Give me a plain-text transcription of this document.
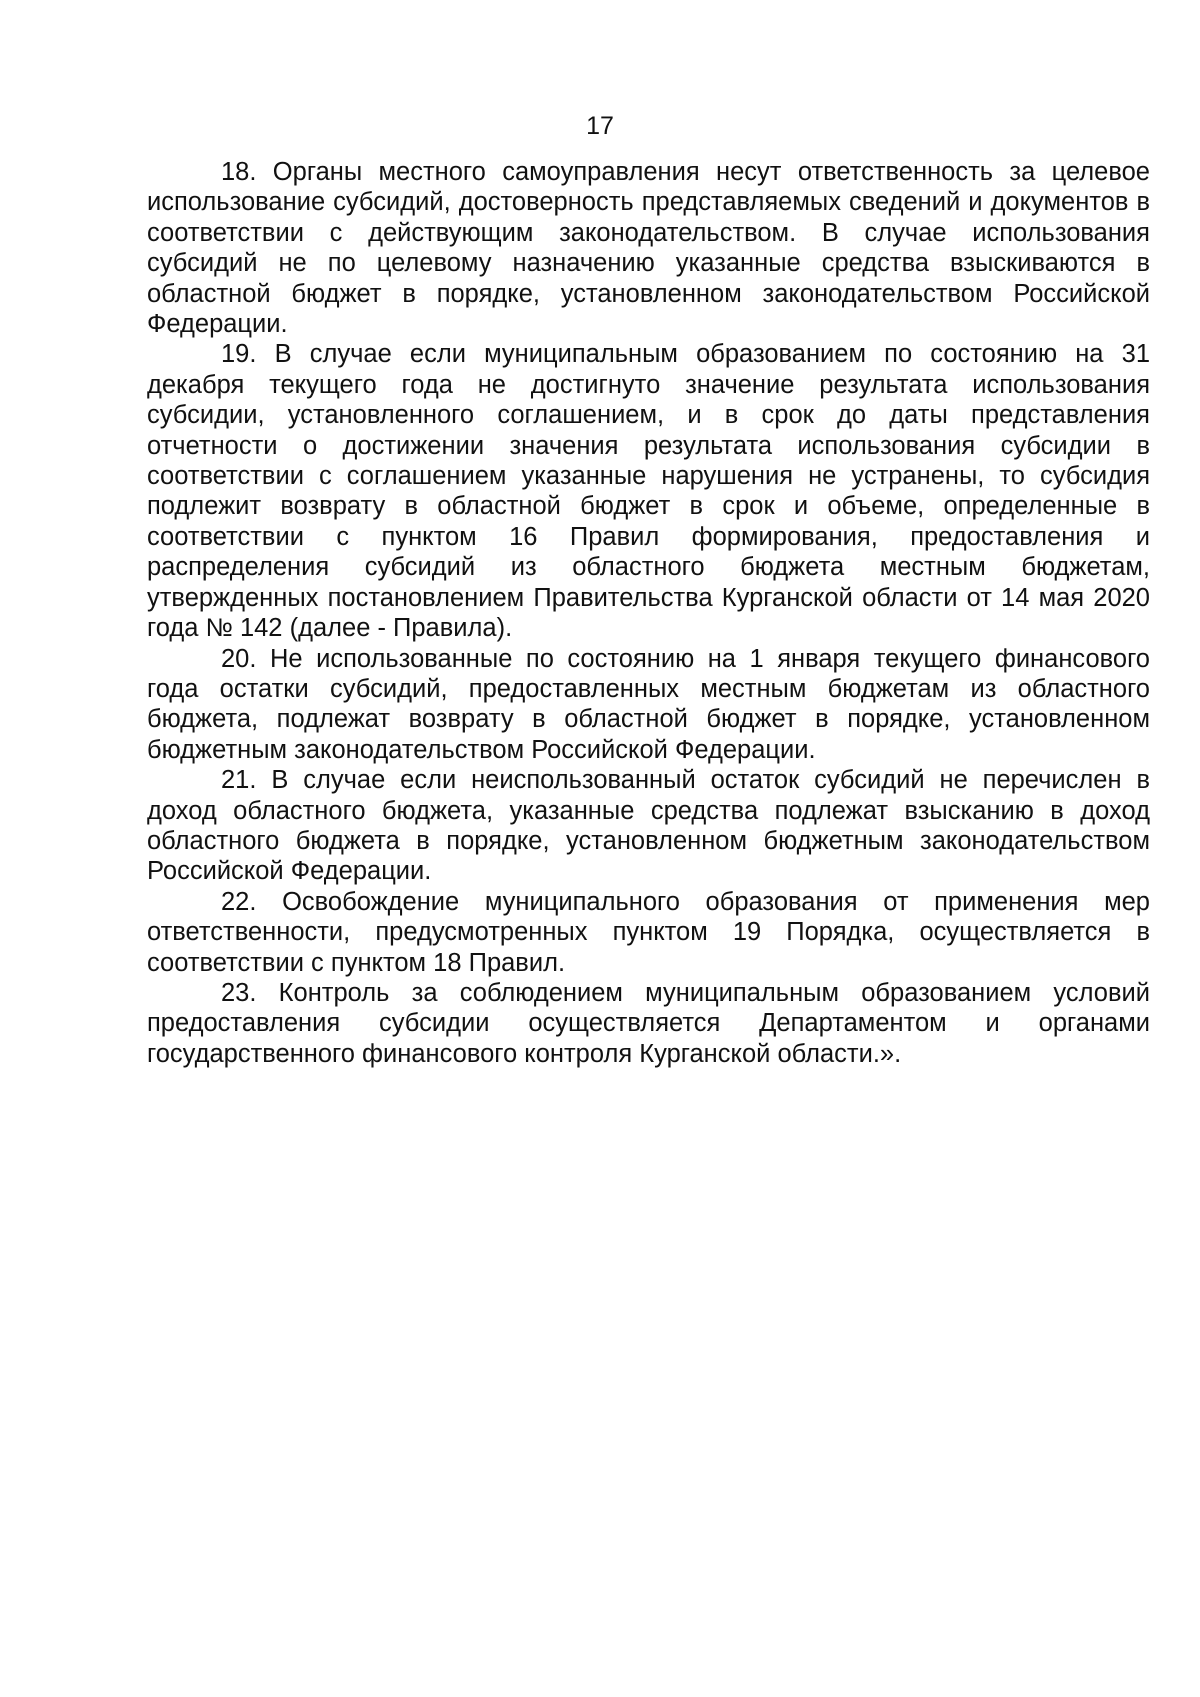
17

18. Органы местного самоуправления несут ответственность за целевое использование субсидий, достоверность представляемых сведений и документов в соответствии с действующим законодательством. В случае использования субсидий не по целевому назначению указанные средства взыскиваются в областной бюджет в порядке, установленном законодательством Российской Федерации.

19. В случае если муниципальным образованием по состоянию на 31 декабря текущего года не достигнуто значение результата использования субсидии, установленного соглашением, и в срок до даты представления отчетности о достижении значения результата использования субсидии в соответствии с соглашением указанные нарушения не устранены, то субсидия подлежит возврату в областной бюджет в срок и объеме, определенные в соответствии с пунктом 16 Правил формирования, предоставления и распределения субсидий из областного бюджета местным бюджетам, утвержденных постановлением Правительства Курганской области от 14 мая 2020 года № 142 (далее - Правила).

20. Не использованные по состоянию на 1 января текущего финансового года остатки субсидий, предоставленных местным бюджетам из областного бюджета, подлежат возврату в областной бюджет в порядке, установленном бюджетным законодательством Российской Федерации.

21. В случае если неиспользованный остаток субсидий не перечислен в доход областного бюджета, указанные средства подлежат взысканию в доход областного бюджета в порядке, установленном бюджетным законодательством Российской Федерации.

22. Освобождение муниципального образования от применения мер ответственности, предусмотренных пунктом 19 Порядка, осуществляется в соответствии с пунктом 18 Правил.

23. Контроль за соблюдением муниципальным образованием условий предоставления субсидии осуществляется Департаментом и органами государственного финансового контроля Курганской области.».
